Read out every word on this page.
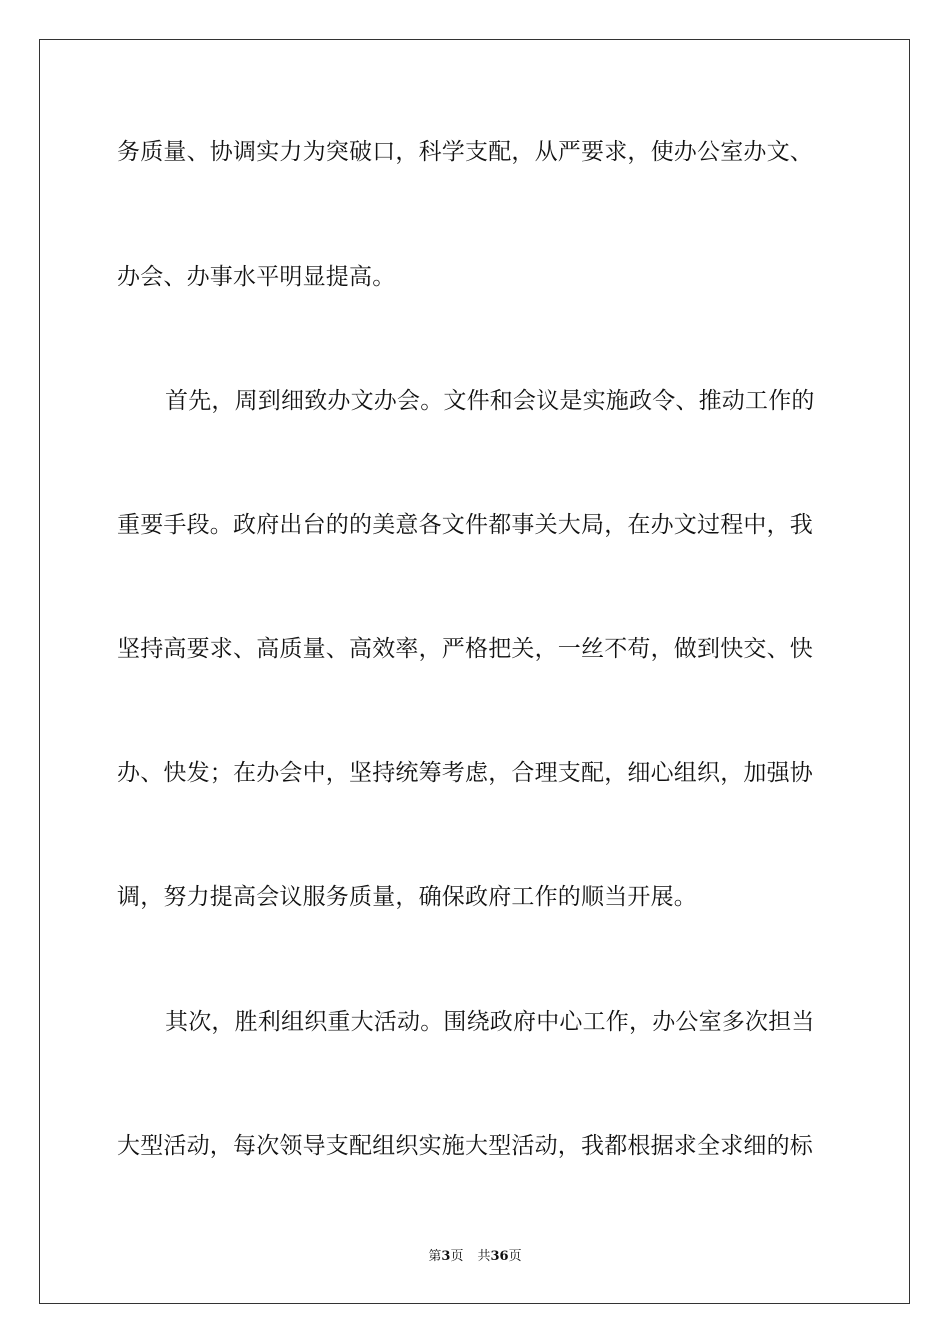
务质量、协调实力为突破口，科学支配，从严要求，使办公室办文、
办会、办事水平明显提高。
首先，周到细致办文办会。文件和会议是实施政令、推动工作的
重要手段。政府出台的的美意各文件都事关大局，在办文过程中，我
坚持高要求、高质量、高效率，严格把关，一丝不苟，做到快交、快
办、快发；在办会中，坚持统筹考虑，合理支配，细心组织，加强协
调，努力提高会议服务质量，确保政府工作的顺当开展。
其次，胜利组织重大活动。围绕政府中心工作，办公室多次担当
大型活动，每次领导支配组织实施大型活动，我都根据求全求细的标
第3页 共36页
